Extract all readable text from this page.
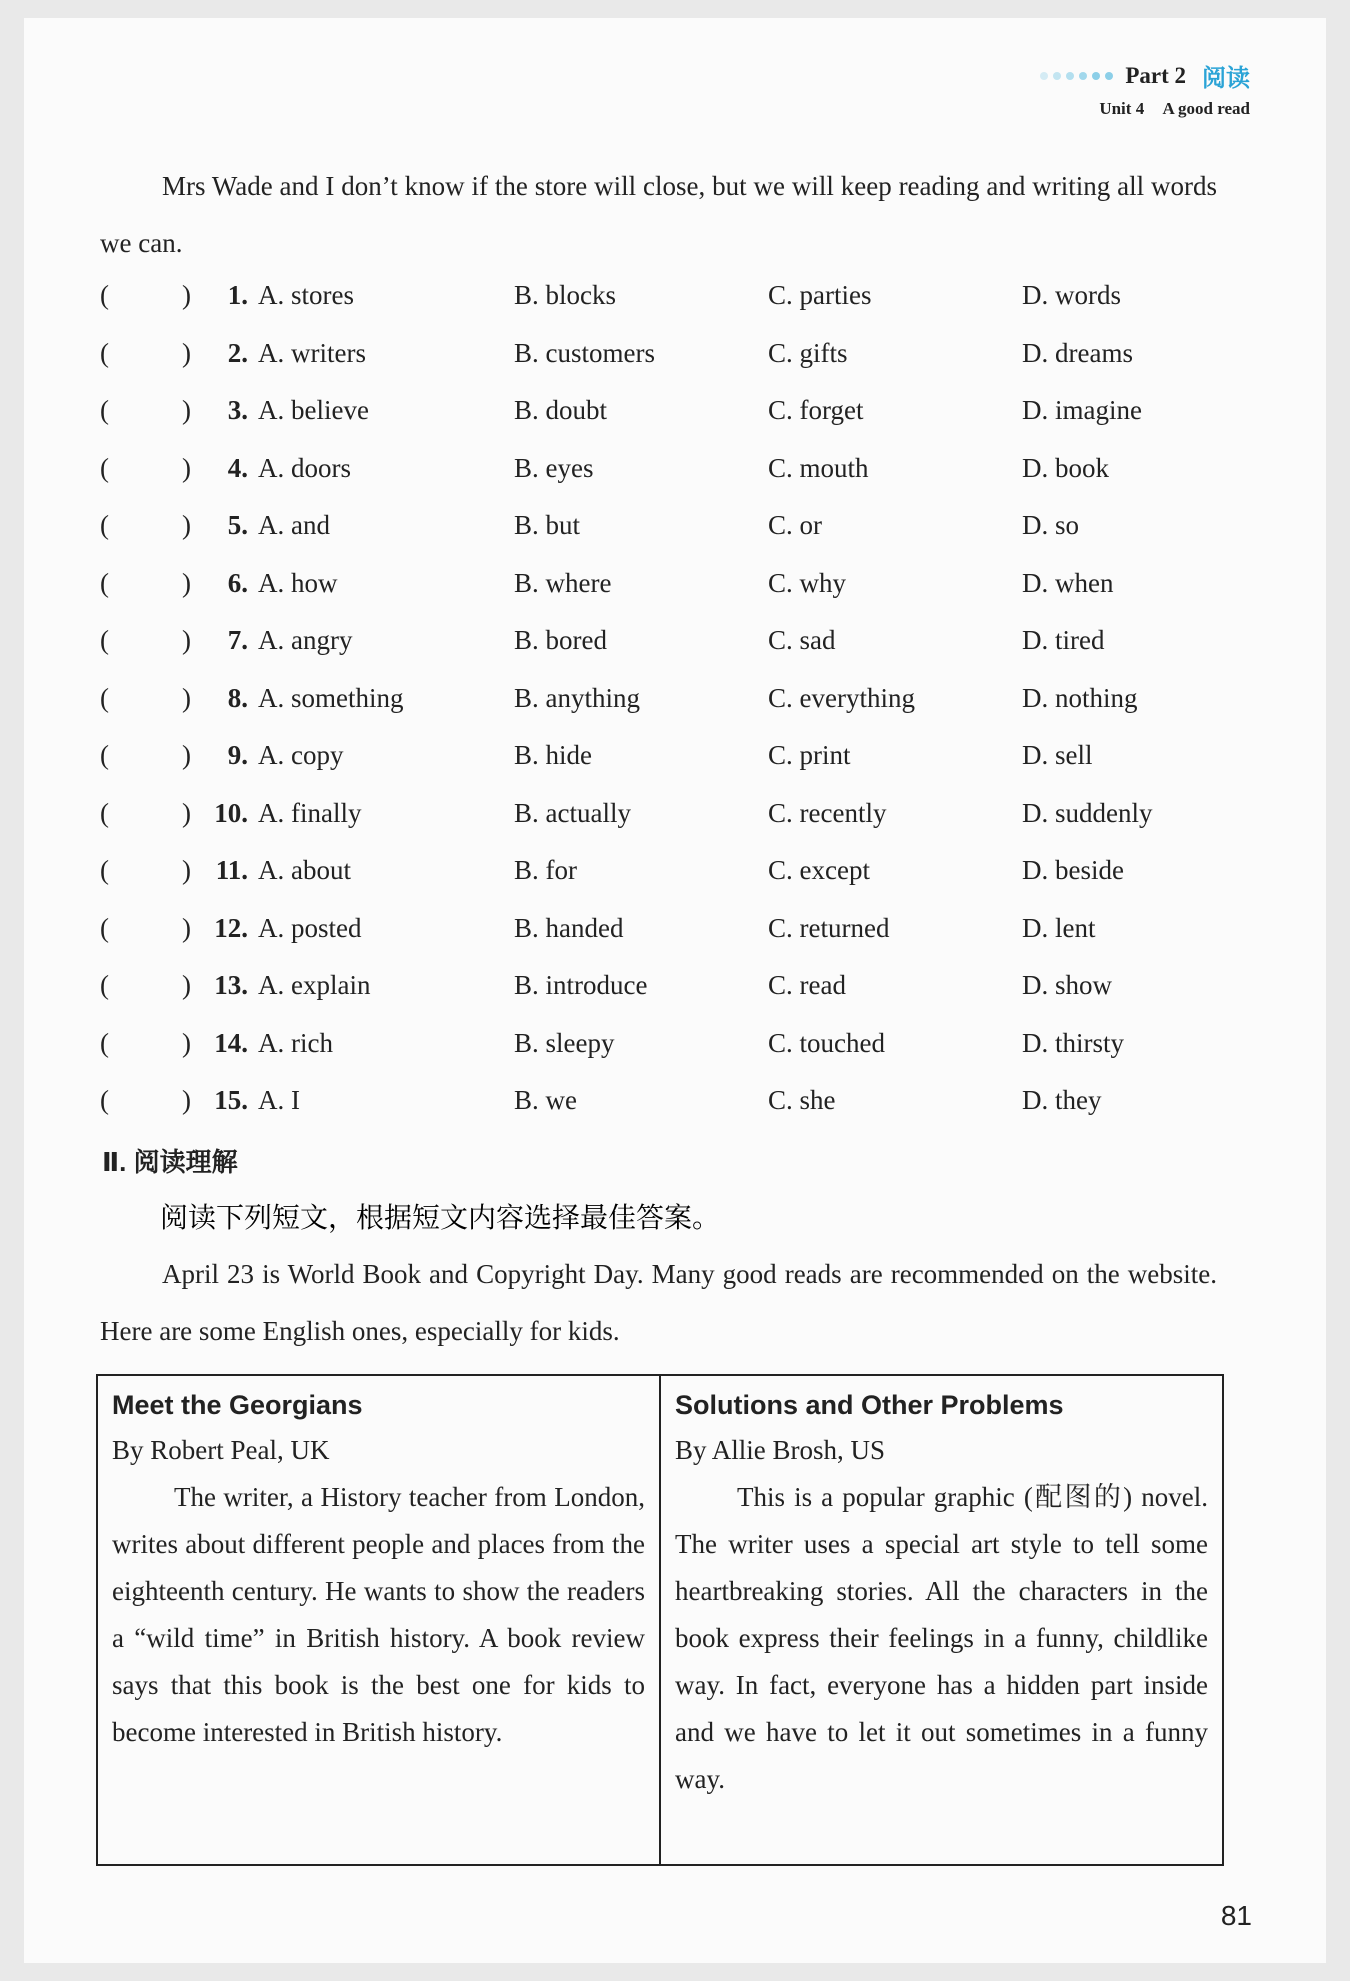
Part 2 阅读
Unit 4 A good read
Mrs Wade and I don’t know if the store will close, but we will keep reading and writing all words we can.
(	)	1. A. stores	B. blocks	C. parties	D. words
(	)	2. A. writers	B. customers	C. gifts	D. dreams
(	)	3. A. believe	B. doubt	C. forget	D. imagine
(	)	4. A. doors	B. eyes	C. mouth	D. book
(	)	5. A. and	B. but	C. or	D. so
(	)	6. A. how	B. where	C. why	D. when
(	)	7. A. angry	B. bored	C. sad	D. tired
(	)	8. A. something	B. anything	C. everything	D. nothing
(	)	9. A. copy	B. hide	C. print	D. sell
(	) 10. A. finally	B. actually	C. recently	D. suddenly
(	) 11. A. about	B. for	C. except	D. beside
(	) 12. A. posted	B. handed	C. returned	D. lent
(	) 13. A. explain	B. introduce	C. read	D. show
(	) 14. A. rich	B. sleepy	C. touched	D. thirsty
(	) 15. A. I	B. we	C. she	D. they
Ⅱ. 阅读理解
阅读下列短文，根据短文内容选择最佳答案。
April 23 is World Book and Copyright Day. Many good reads are recommended on the website. Here are some English ones, especially for kids.
Meet the Georgians
By Robert Peal, UK
The writer, a History teacher from London, writes about different people and places from the eighteenth century. He wants to show the readers a “wild time” in British history. A book review says that this book is the best one for kids to become interested in British history.
Solutions and Other Problems
By Allie Brosh, US
This is a popular graphic (配图的) novel. The writer uses a special art style to tell some heartbreaking stories. All the characters in the book express their feelings in a funny, childlike way. In fact, everyone has a hidden part inside and we have to let it out sometimes in a funny way.
81
